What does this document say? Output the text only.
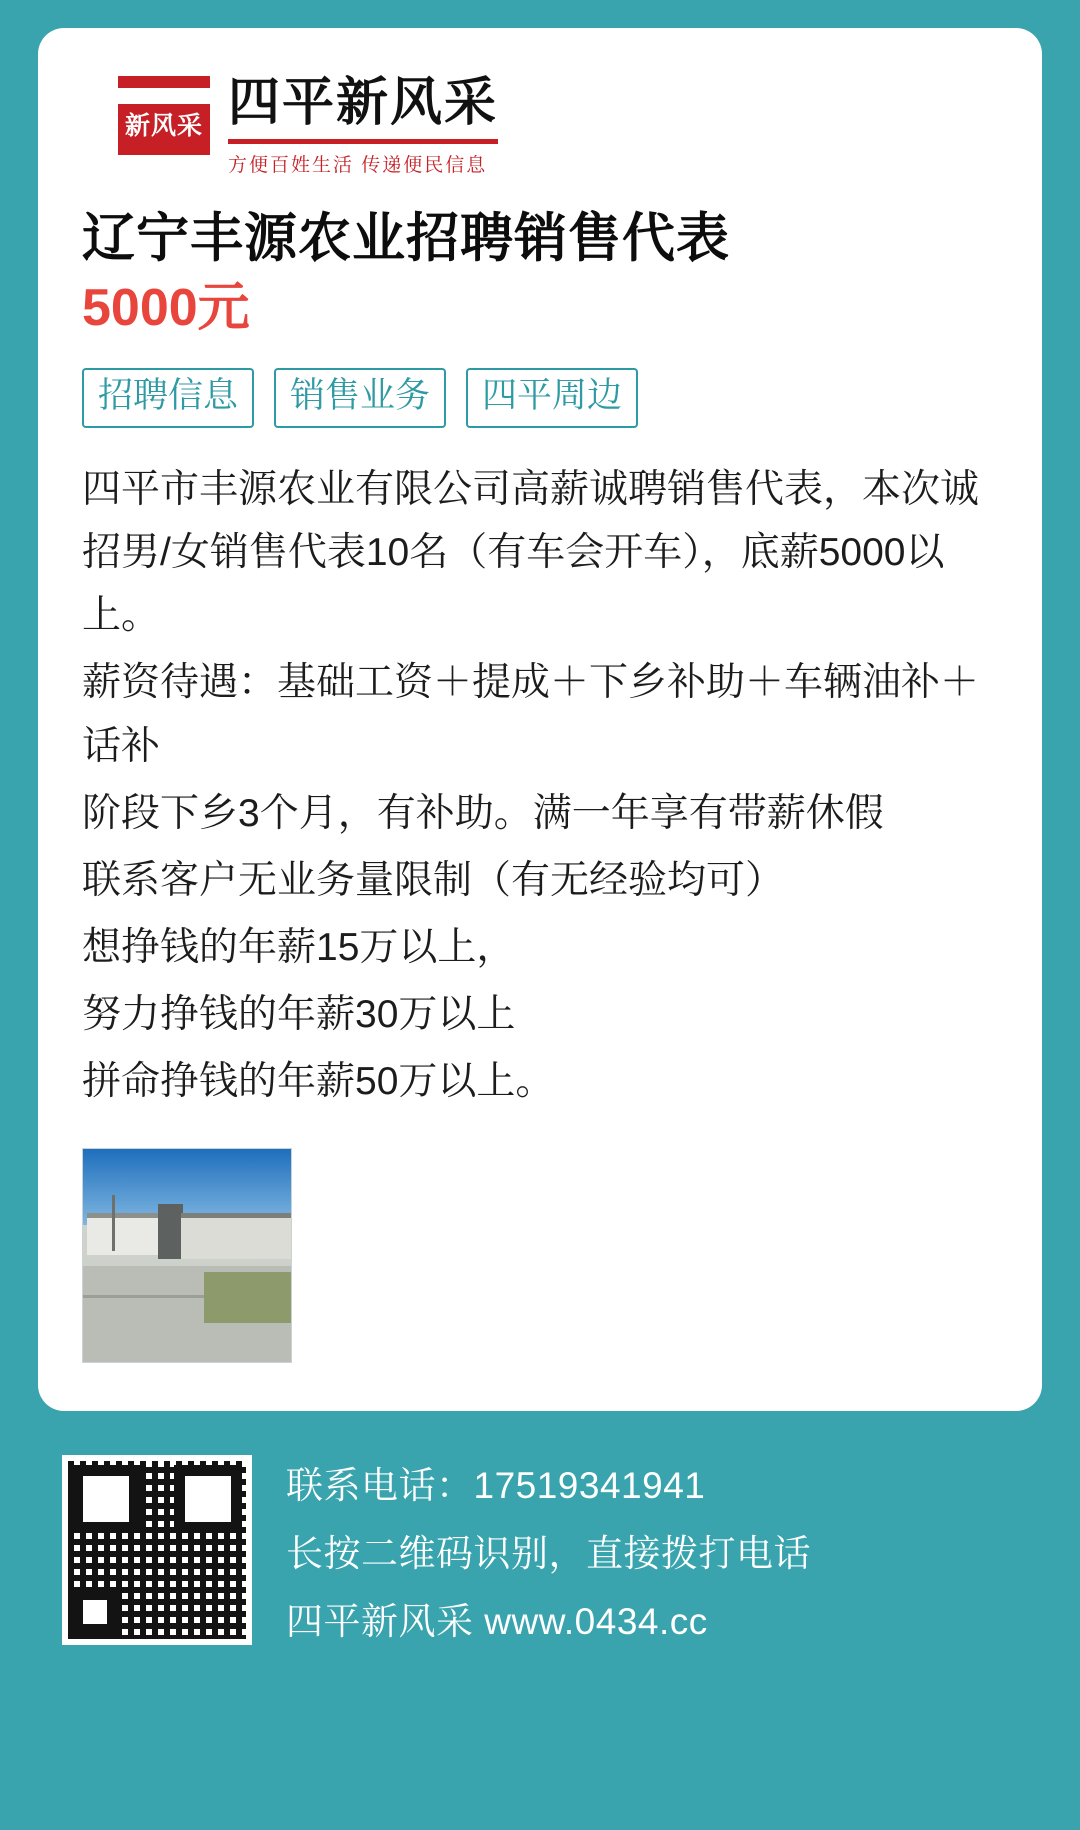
新风采 四平新风采
方便百姓生活 传递便民信息
辽宁丰源农业招聘销售代表
5000元
招聘信息	销售业务	四平周边

四平市丰源农业有限公司高薪诚聘销售代表，本次诚招男/女销售代表10名（有车会开车），底薪5000以上。

薪资待遇：基础工资＋提成＋下乡补助＋车辆油补＋话补

阶段下乡3个月，有补助。满一年享有带薪休假

联系客户无业务量限制（有无经验均可）

想挣钱的年薪15万以上，

努力挣钱的年薪30万以上

拼命挣钱的年薪50万以上。

联系电话：17519341941
长按二维码识别，直接拨打电话
四平新风采 www.0434.cc
